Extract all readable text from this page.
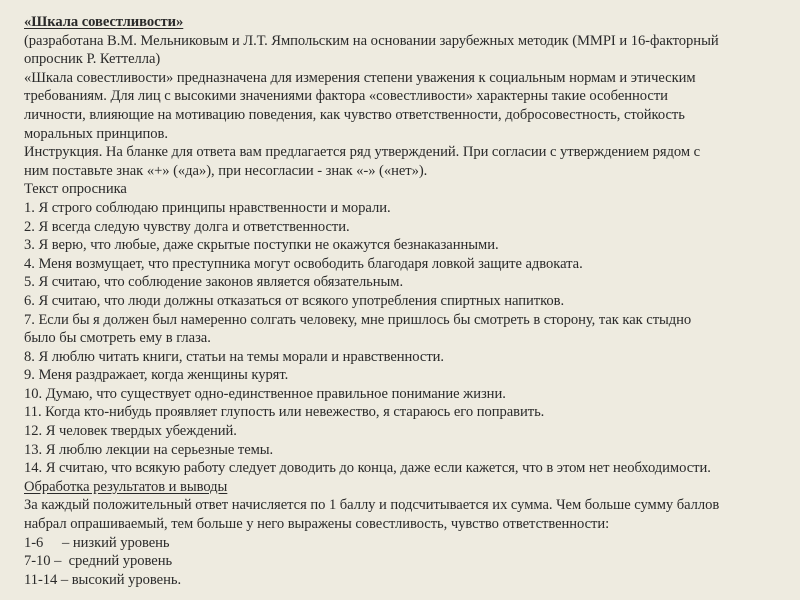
«Шкала совестливости»
(разработана В.М. Мельниковым и Л.Т. Ямпольским на основании зарубежных методик (MMPI и 16-факторный
опросник Р. Кеттелла)
«Шкала совестливости» предназначена для измерения степени уважения к социальным нормам и этическим
требованиям. Для лиц с высокими значениями фактора «совестливости» характерны такие особенности
личности, влияющие на мотивацию поведения, как чувство ответственности, добросовестность, стойкость
моральных принципов.
Инструкция. На бланке для ответа вам предлагается ряд утверждений. При согласии с утверждением рядом с
ним поставьте знак «+» («да»), при несогласии - знак «-» («нет»).
Текст опросника
1. Я строго соблюдаю принципы нравственности и морали.
2. Я всегда следую чувству долга и ответственности.
3. Я верю, что любые, даже скрытые поступки не окажутся безнаказанными.
4. Меня возмущает, что преступника могут освободить благодаря ловкой защите адвоката.
5. Я считаю, что соблюдение законов является обязательным.
6. Я считаю, что люди должны отказаться от всякого употребления спиртных напитков.
7. Если бы я должен был намеренно солгать человеку, мне пришлось бы смотреть в сторону, так как стыдно
было бы смотреть ему в глаза.
8. Я люблю читать книги, статьи на темы морали и нравственности.
9. Меня раздражает, когда женщины курят.
10. Думаю, что существует одно-единственное правильное понимание жизни.
11. Когда кто-нибудь проявляет глупость или невежество, я стараюсь его поправить.
12. Я человек твердых убеждений.
13. Я люблю лекции на серьезные темы.
14. Я считаю, что всякую работу следует доводить до конца, даже если кажется, что в этом нет необходимости.
Обработка результатов и выводы
За каждый положительный ответ начисляется по 1 баллу и подсчитывается их сумма. Чем больше сумму баллов
набрал опрашиваемый, тем больше у него выражены совестливость, чувство ответственности:
1-6 – низкий уровень
7-10 – средний уровень
11-14 – высокий уровень.
